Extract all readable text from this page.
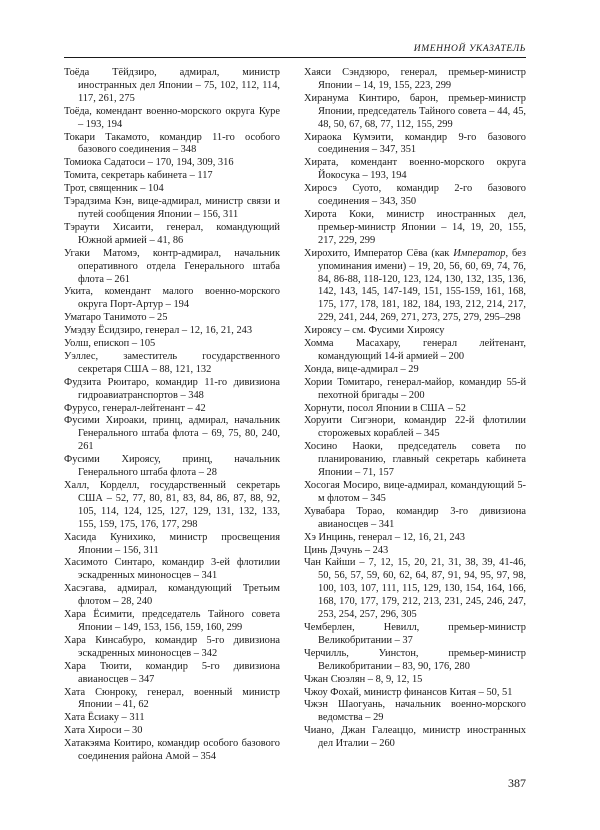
ИМЕННОЙ УКАЗАТЕЛЬ

Тоёда Тёйдзиро, адмирал, министр иностранных дел Японии – 75, 102, 112, 114, 117, 261, 275

Тоёда, комендант военно-морского округа Куре – 193, 194

Токари Такамото, командир 11-го особого базового соединения – 348

Томиока Садатоси – 170, 194, 309, 316

Томита, секретарь кабинета – 117

Трот, священник – 104

Тэрадзима Кэн, вице-адмирал, министр связи и путей сообщения Японии – 156, 311

Тэраути Хисаити, генерал, командующий Южной армией – 41, 86

Угаки Матомэ, контр-адмирал, начальник оперативного отдела Генерального штаба флота – 261

Укита, комендант малого военно-морского округа Порт-Артур – 194

Уматаро Танимото – 25

Умэдзу Ёсидзиро, генерал – 12, 16, 21, 243

Уолш, епископ – 105

Уэллес, заместитель государственного секретаря США – 88, 121, 132

Фудзита Рюитаро, командир 11-го дивизиона гидроавиатранспортов – 348

Фурусо, генерал-лейтенант – 42

Фусими Хироаки, принц, адмирал, начальник Генерального штаба флота – 69, 75, 80, 240, 261

Фусими Хироясу, принц, начальник Генерального штаба флота – 28

Халл, Корделл, государственный секретарь США – 52, 77, 80, 81, 83, 84, 86, 87, 88, 92, 105, 114, 124, 125, 127, 129, 131, 132, 133, 155, 159, 175, 176, 177, 298

Хасида Кунихико, министр просвещения Японии – 156, 311

Хасимото Синтаро, командир 3-ей флотилии эскадренных миноносцев – 341

Хасэгава, адмирал, командующий Третьим флотом – 28, 240

Хара Ёсимити, председатель Тайного совета Японии – 149, 153, 156, 159, 160, 299

Хара Кинсабуро, командир 5-го дивизиона эскадренных миноносцев – 342

Хара Тюити, командир 5-го дивизиона авианосцев – 347

Хата Сюнроку, генерал, военный министр Японии – 41, 62

Хата Ёсиаку – 311

Хата Хироси – 30

Хатакэяма Коитиро, командир особого базового соединения района Амой – 354

Хаяси Сэндзюро, генерал, премьер-министр Японии – 14, 19, 155, 223, 299

Хиранума Кинтиро, барон, премьер-министр Японии, председатель Тайного совета – 44, 45, 48, 50, 67, 68, 77, 112, 155, 299

Хираока Кумэити, командир 9-го базового соединения – 347, 351

Хирата, комендант военно-морского округа Йокосука – 193, 194

Хиросэ Суото, командир 2-го базового соединения – 343, 350

Хирота Коки, министр иностранных дел, премьер-министр Японии – 14, 19, 20, 155, 217, 229, 299

Хирохито, Император Сёва (как Император, без упоминания имени) – 19, 20, 56, 60, 69, 74, 76, 84, 86-88, 118-120, 123, 124, 130, 132, 135, 136, 142, 143, 145, 147-149, 151, 155-159, 161, 168, 175, 177, 178, 181, 182, 184, 193, 212, 214, 217, 229, 241, 244, 269, 271, 273, 275, 279, 295–298

Хироясу – см. Фусими Хироясу

Хомма Масахару, генерал лейтенант, командующий 14-й армией – 200

Хонда, вице-адмирал – 29

Хории Томитаро, генерал-майор, командир 55-й пехотной бригады – 200

Хорнути, посол Японии в США – 52

Хоруити Сигэнори, командир 22-й флотилии сторожевых кораблей – 345

Хосино Наоки, председатель совета по планированию, главный секретарь кабинета Японии – 71, 157

Хосогая Мосиро, вице-адмирал, командующий 5-м флотом – 345

Хувабара Торао, командир 3-го дивизиона авианосцев – 341

Хэ Инцинь, генерал – 12, 16, 21, 243

Цинь Дэчунь – 243

Чан Кайши – 7, 12, 15, 20, 21, 31, 38, 39, 41-46, 50, 56, 57, 59, 60, 62, 64, 87, 91, 94, 95, 97, 98, 100, 103, 107, 111, 115, 129, 130, 154, 164, 166, 168, 170, 177, 179, 212, 213, 231, 245, 246, 247, 253, 254, 257, 296, 305

Чемберлен, Невилл, премьер-министр Великобритании – 37

Черчилль, Уинстон, премьер-министр Великобритании – 83, 90, 176, 280

Чжан Сюэлян – 8, 9, 12, 15

Чжоу Фохай, министр финансов Китая – 50, 51

Чжэн Шаогуань, начальник военно-морского ведомства – 29

Чиано, Джан Галеаццо, министр иностранных дел Италии – 260

387
